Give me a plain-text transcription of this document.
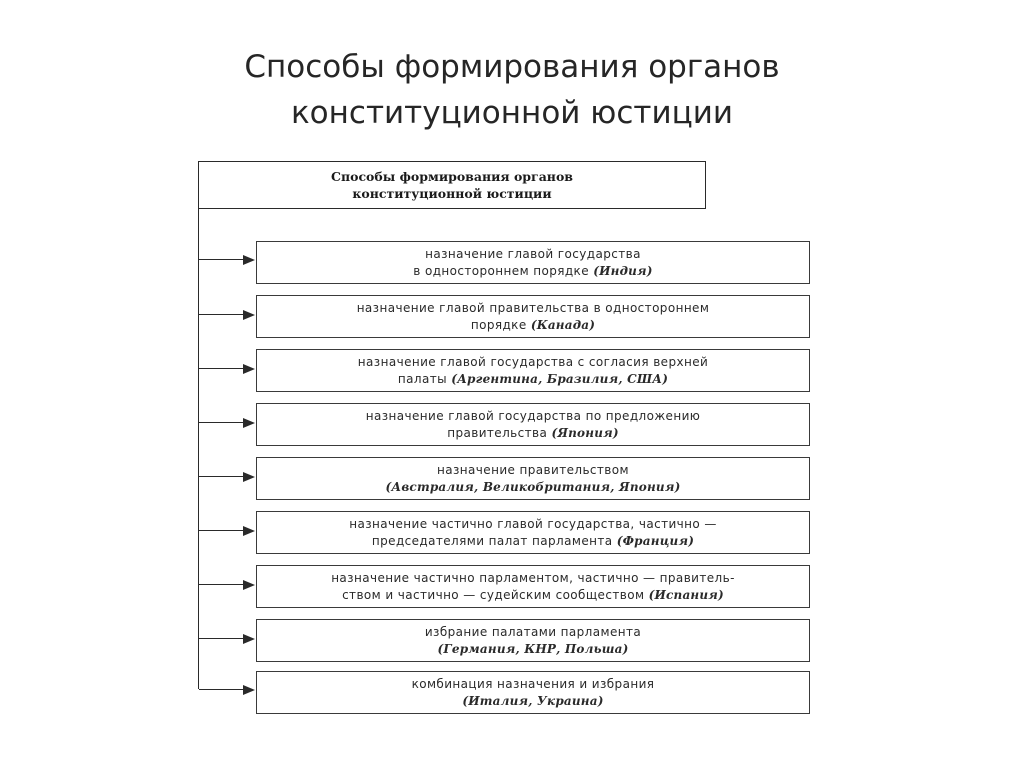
Способы формирования органов
конституционной юстиции
Способы формирования органов
конституционной юстиции
назначение главой государства
в одностороннем порядке (Индия)
назначение главой правительства в одностороннем
порядке (Канада)
назначение главой государства с согласия верхней
палаты (Аргентина, Бразилия, США)
назначение главой государства по предложению
правительства (Япония)
назначение правительством
(Австралия, Великобритания, Япония)
назначение частично главой государства, частично —
председателями палат парламента (Франция)
назначение частично парламентом, частично — правитель-
ством и частично — судейским сообществом (Испания)
избрание палатами парламента
(Германия, КНР, Польша)
комбинация назначения и избрания
(Италия, Украина)
